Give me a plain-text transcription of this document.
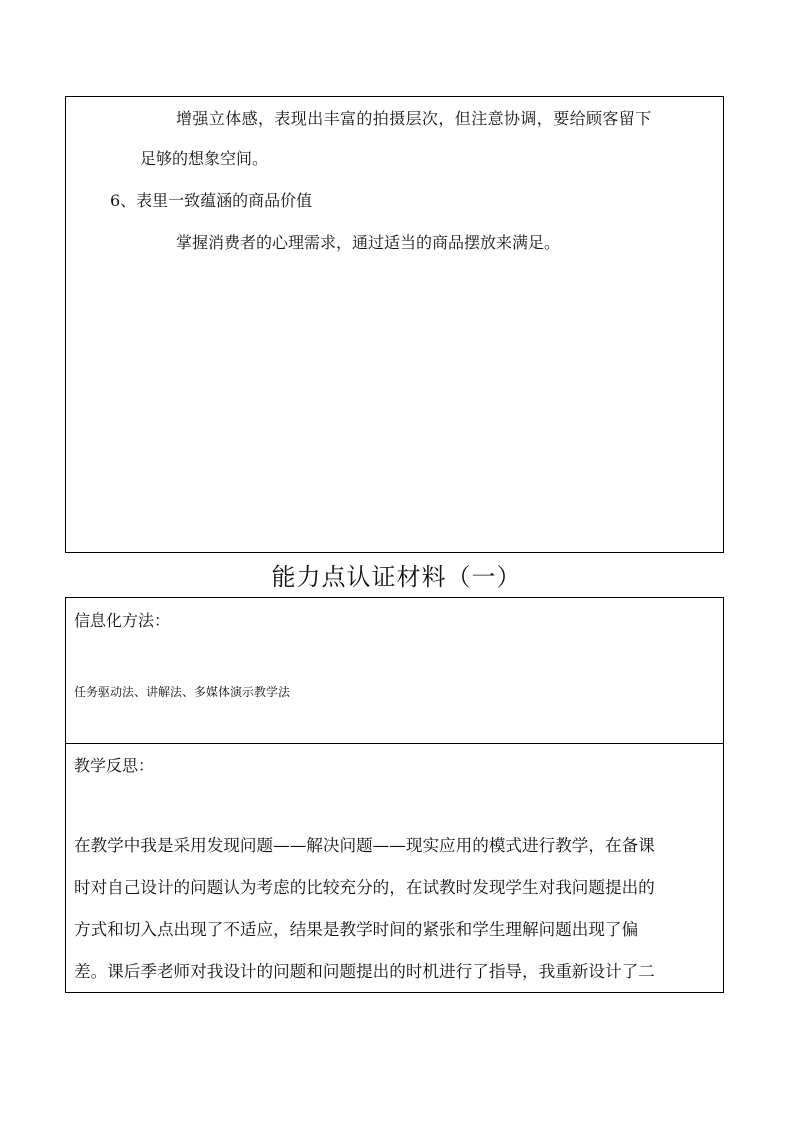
增强立体感，表现出丰富的拍摄层次，但注意协调，要给顾客留下

足够的想象空间。

6、表里一致蕴涵的商品价值

掌握消费者的心理需求，通过适当的商品摆放来满足。

能力点认证材料（一）
信息化方法：
任务驱动法、讲解法、多媒体演示教学法
教学反思：

在教学中我是采用发现问题——解决问题——现实应用的模式进行教学，在备课

时对自己设计的问题认为考虑的比较充分的，在试教时发现学生对我问题提出的

方式和切入点出现了不适应，结果是教学时间的紧张和学生理解问题出现了偏

差。课后季老师对我设计的问题和问题提出的时机进行了指导，我重新设计了二
